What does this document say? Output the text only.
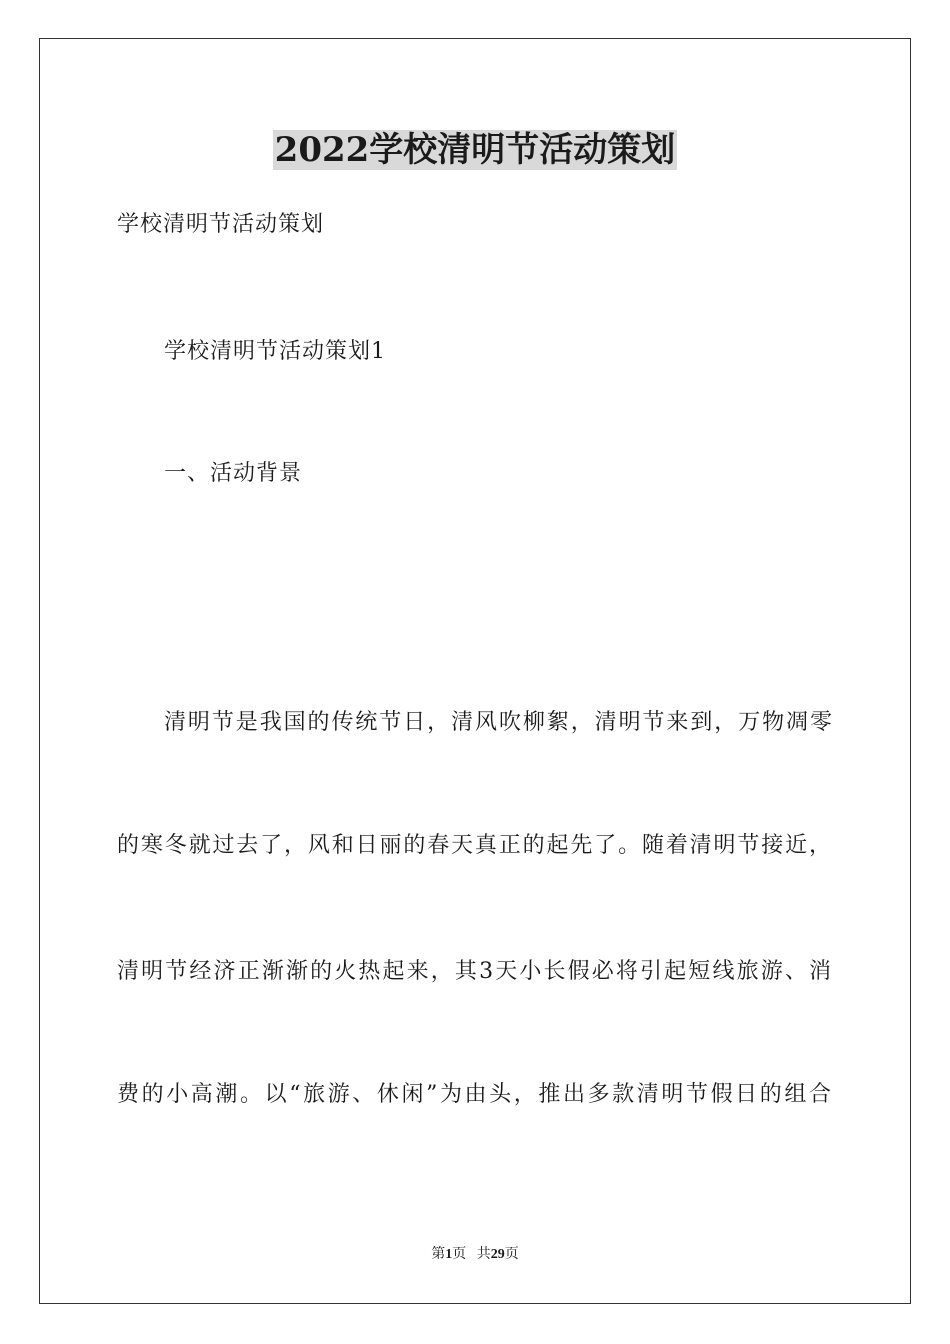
2022学校清明节活动策划
学校清明节活动策划
学校清明节活动策划1
一、活动背景
清明节是我国的传统节日，清风吹柳絮，清明节来到，万物凋零
的寒冬就过去了，风和日丽的春天真正的起先了。随着清明节接近，
清明节经济正渐渐的火热起来，其3天小长假必将引起短线旅游、消
费的小高潮。以“旅游、休闲”为由头，推出多款清明节假日的组合
第1页 共29页
